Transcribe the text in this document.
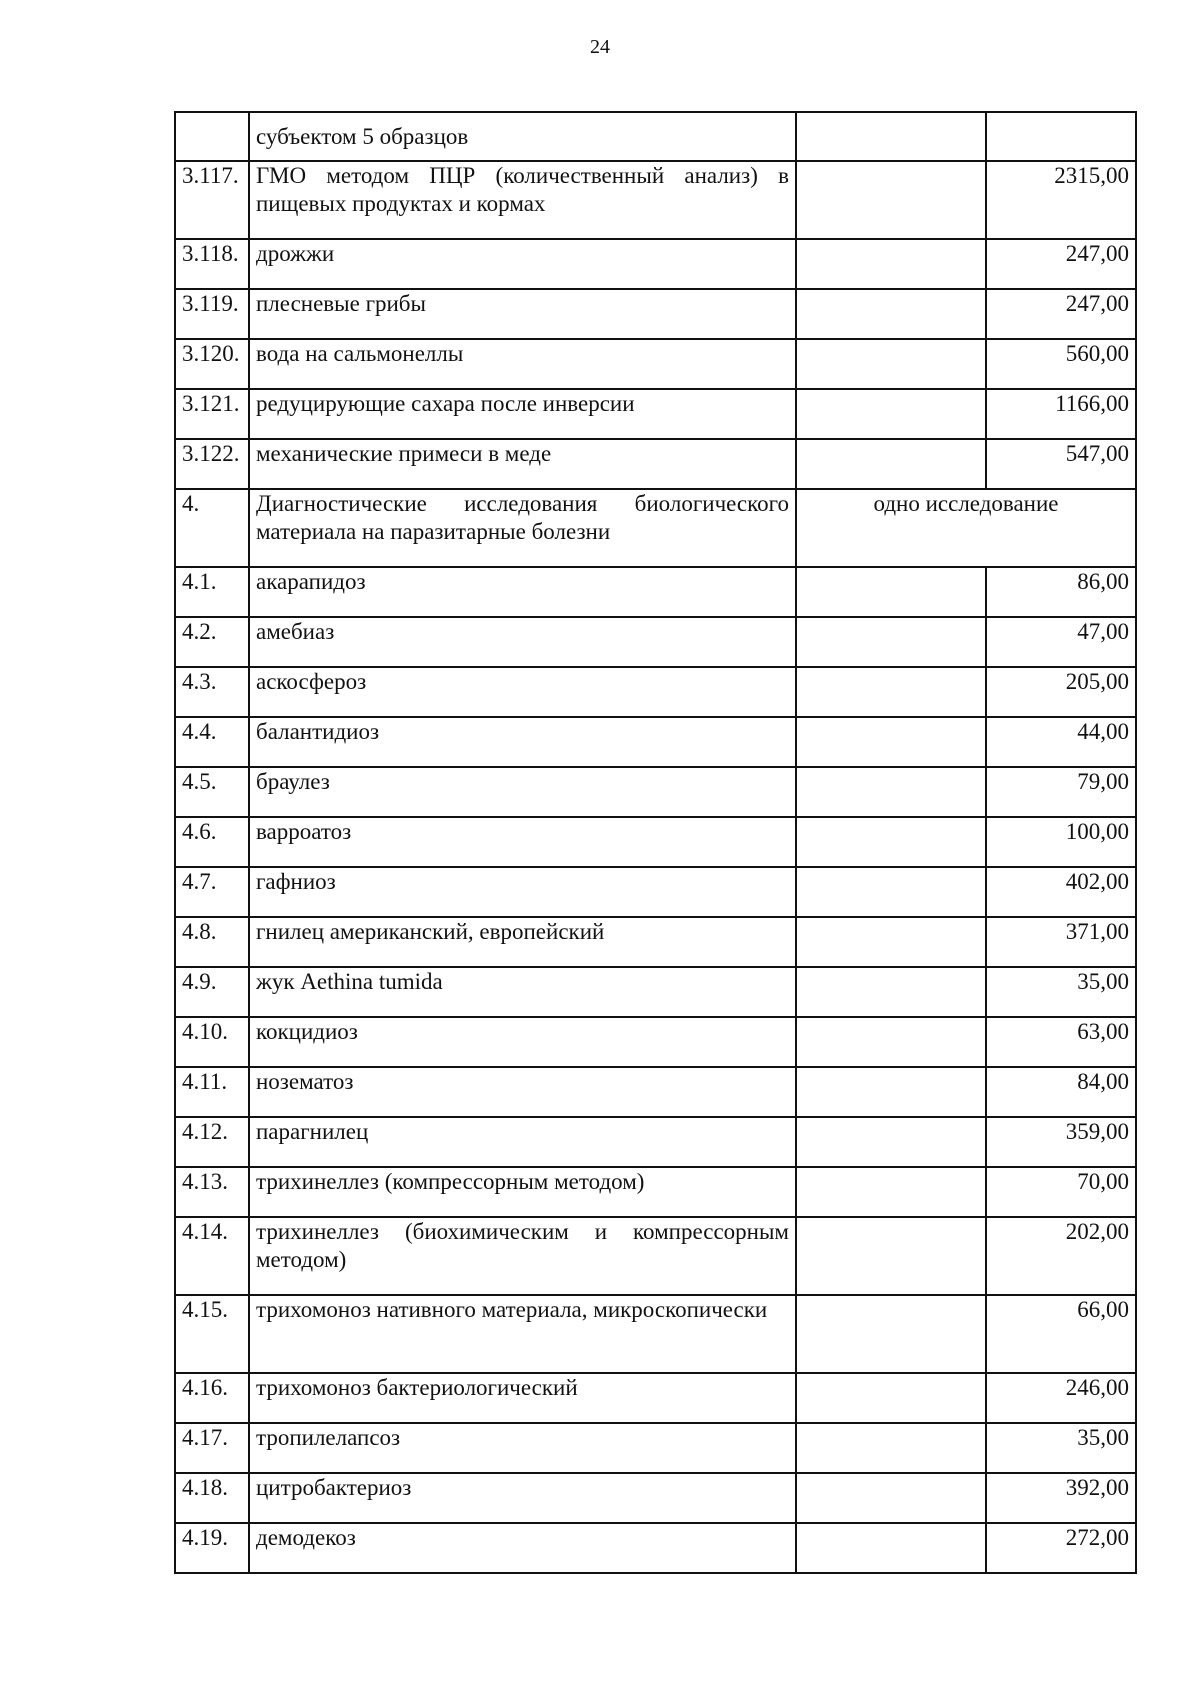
24
	субъектом 5 образцов		
3.117.	ГМО методом ПЦР (количественный анализ) в пищевых продуктах и кормах		2315,00
3.118.	дрожжи		247,00
3.119.	плесневые грибы		247,00
3.120.	вода на сальмонеллы		560,00
3.121.	редуцирующие сахара после инверсии		1166,00
3.122.	механические примеси в меде		547,00
4.	Диагностические исследования биологического материала на паразитарные болезни	одно исследование	
4.1.	акарапидоз		86,00
4.2.	амебиаз		47,00
4.3.	аскосфероз		205,00
4.4.	балантидиоз		44,00
4.5.	браулез		79,00
4.6.	варроатоз		100,00
4.7.	гафниоз		402,00
4.8.	гнилец американский, европейский		371,00
4.9.	жук Aethina tumida		35,00
4.10.	кокцидиоз		63,00
4.11.	нозематоз		84,00
4.12.	парагнилец		359,00
4.13.	трихинеллез (компрессорным методом)		70,00
4.14.	трихинеллез (биохимическим и компрессорным методом)		202,00
4.15.	трихомоноз нативного материала, микроскопически		66,00
4.16.	трихомоноз бактериологический		246,00
4.17.	тропилелапсоз		35,00
4.18.	цитробактериоз		392,00
4.19.	демодекоз		272,00
